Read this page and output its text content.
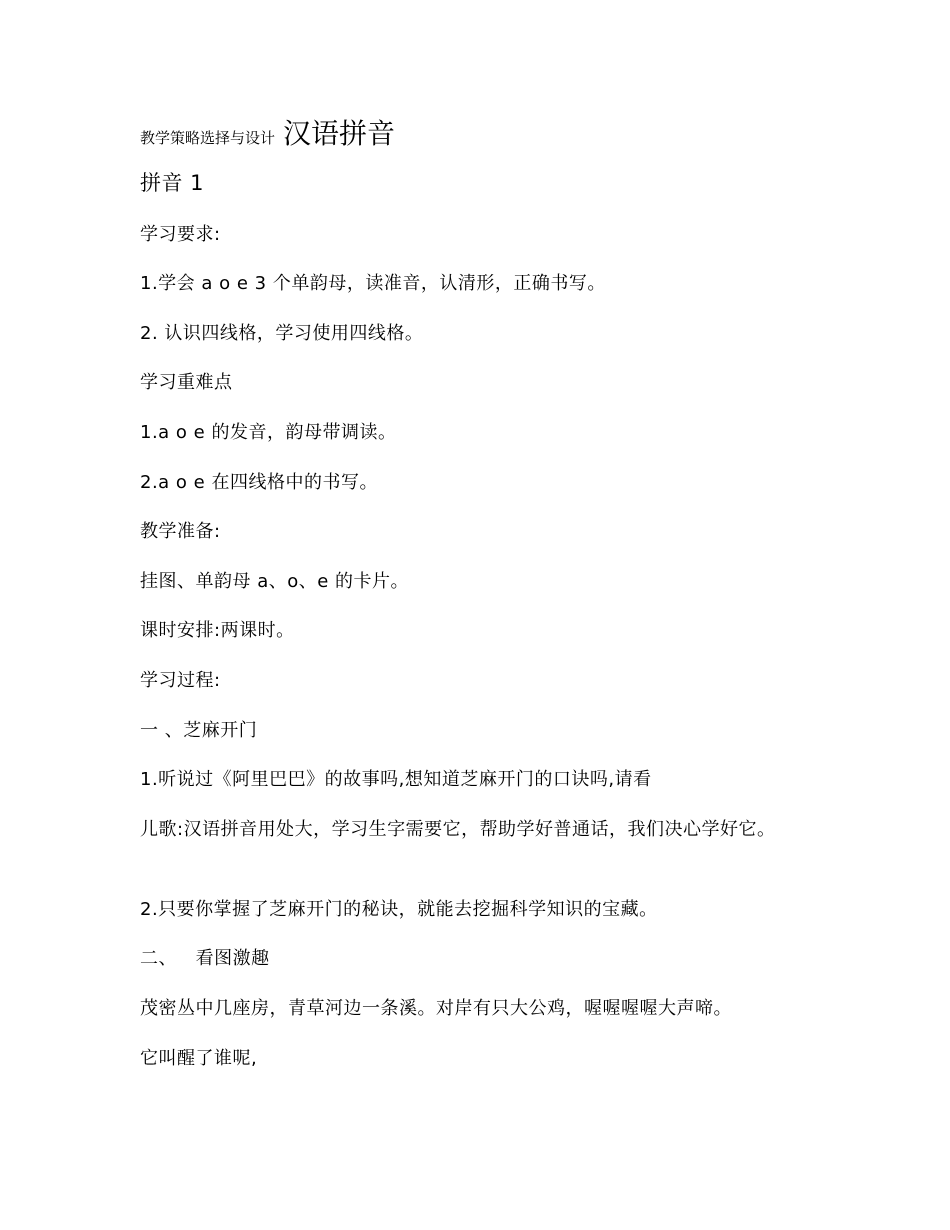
教学策略选择与设计 汉语拼音
拼音 1
学习要求:
1.学会 a o e 3 个单韵母，读准音，认清形，正确书写。
2. 认识四线格，学习使用四线格。
学习重难点
1.a o e 的发音，韵母带调读。
2.a o e 在四线格中的书写。
教学准备:
挂图、单韵母 a、o、e 的卡片。
课时安排:两课时。
学习过程:
一 、芝麻开门
1.听说过《阿里巴巴》的故事吗,想知道芝麻开门的口诀吗,请看
儿歌:汉语拼音用处大，学习生字需要它，帮助学好普通话，我们决心学好它。
2.只要你掌握了芝麻开门的秘诀，就能去挖掘科学知识的宝藏。
二、   看图激趣
茂密丛中几座房，青草河边一条溪。对岸有只大公鸡，喔喔喔喔大声啼。
它叫醒了谁呢,
